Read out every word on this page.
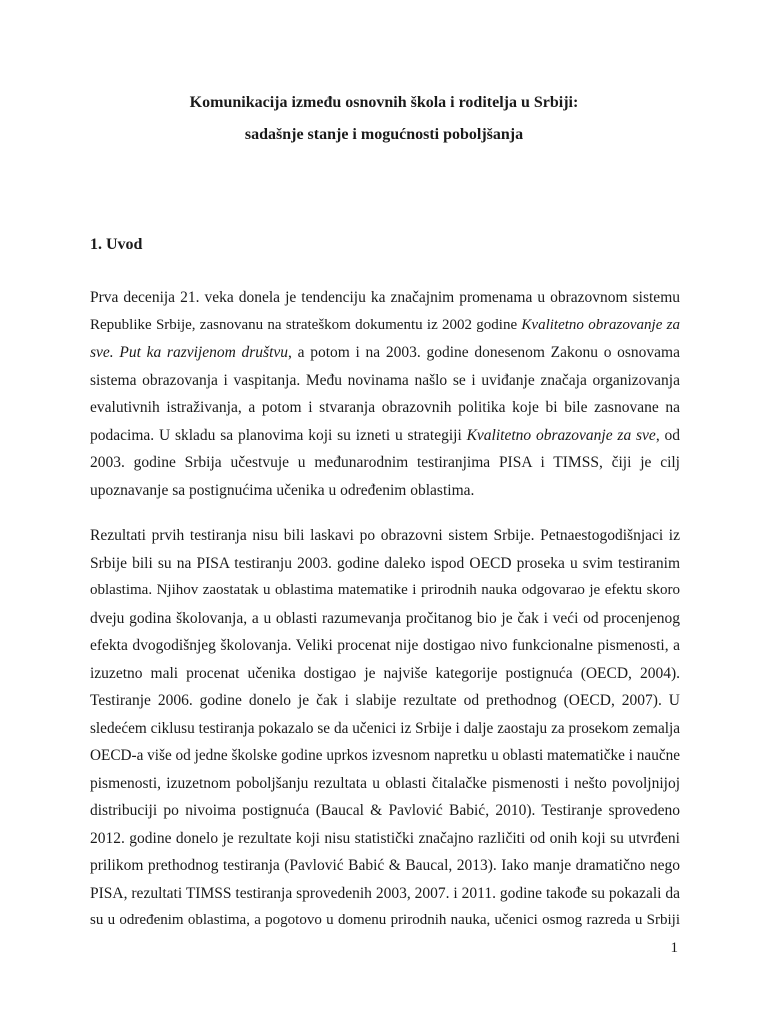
Komunikacija između osnovnih škola i roditelja u Srbiji:

sadašnje stanje i mogućnosti poboljšanja

1. Uvod

Prva decenija 21. veka donela je tendenciju ka značajnim promenama u obrazovnom sistemu
Republike Srbije, zasnovanu na strateškom dokumentu iz 2002 godine Kvalitetno obrazovanje za
sve. Put ka razvijenom društvu, a potom i na 2003. godine donesenom Zakonu o osnovama
sistema obrazovanja i vaspitanja. Među novinama našlo se i uviđanje značaja organizovanja
evalutivnih istraživanja, a potom i stvaranja obrazovnih politika koje bi bile zasnovane na
podacima. U skladu sa planovima koji su izneti u strategiji Kvalitetno obrazovanje za sve, od
2003. godine Srbija učestvuje u međunarodnim testiranjima PISA i TIMSS, čiji je cilj
upoznavanje sa postignućima učenika u određenim oblastima.
Rezultati prvih testiranja nisu bili laskavi po obrazovni sistem Srbije. Petnaestogodišnjaci iz
Srbije bili su na PISA testiranju 2003. godine daleko ispod OECD proseka u svim testiranim
oblastima. Njihov zaostatak u oblastima matematike i prirodnih nauka odgovarao je efektu skoro
dveju godina školovanja, a u oblasti razumevanja pročitanog bio je čak i veći od procenjenog
efekta dvogodišnjeg školovanja. Veliki procenat nije dostigao nivo funkcionalne pismenosti, a
izuzetno mali procenat učenika dostigao je najviše kategorije postignuća (OECD, 2004).
Testiranje 2006. godine donelo je čak i slabije rezultate od prethodnog (OECD, 2007). U
sledećem ciklusu testiranja pokazalo se da učenici iz Srbije i dalje zaostaju za prosekom zemalja
OECD-a više od jedne školske godine uprkos izvesnom napretku u oblasti matematičke i naučne
pismenosti, izuzetnom poboljšanju rezultata u oblasti čitalačke pismenosti i nešto povoljnijoj
distribuciji po nivoima postignuća (Baucal & Pavlović Babić, 2010). Testiranje sprovedeno
2012. godine donelo je rezultate koji nisu statistički značajno različiti od onih koji su utvrđeni
prilikom prethodnog testiranja (Pavlović Babić & Baucal, 2013). Iako manje dramatično nego
PISA, rezultati TIMSS testiranja sprovedenih 2003, 2007. i 2011. godine takođe su pokazali da
su u određenim oblastima, a pogotovo u domenu prirodnih nauka, učenici osmog razreda u Srbiji
1
